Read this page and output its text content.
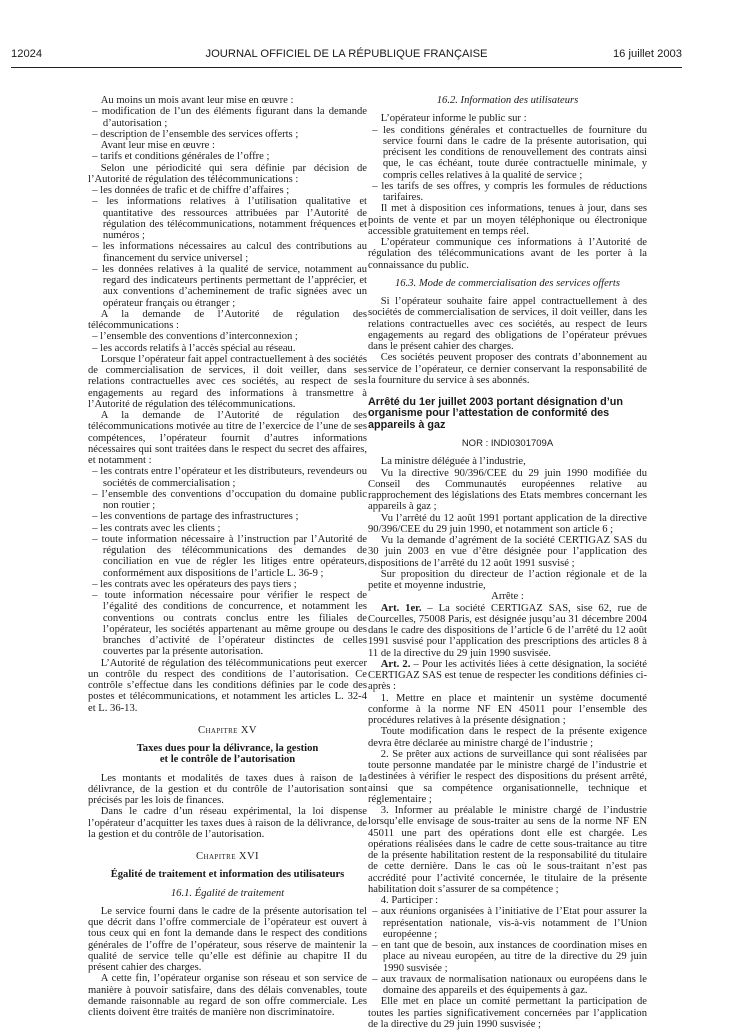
12024	JOURNAL OFFICIEL DE LA RÉPUBLIQUE FRANÇAISE	16 juillet 2003

Au moins un mois avant leur mise en œuvre :

– modification de l’un des éléments figurant dans la demande d’autorisation ;

– description de l’ensemble des services offerts ;

Avant leur mise en œuvre :

– tarifs et conditions générales de l’offre ;

Selon une périodicité qui sera définie par décision de l’Autorité de régulation des télécommunications :

– les données de trafic et de chiffre d’affaires ;

– les informations relatives à l’utilisation qualitative et quantitative des ressources attribuées par l’Autorité de régulation des télécommunications, notamment fréquences et numéros ;

– les informations nécessaires au calcul des contributions au financement du service universel ;

– les données relatives à la qualité de service, notamment au regard des indicateurs pertinents permettant de l’apprécier, et aux conventions d’acheminement de trafic signées avec un opérateur français ou étranger ;

A la demande de l’Autorité de régulation des télécommunications :

– l’ensemble des conventions d’interconnexion ;

– les accords relatifs à l’accès spécial au réseau.

Lorsque l’opérateur fait appel contractuellement à des sociétés de commercialisation de services, il doit veiller, dans ses relations contractuelles avec ces sociétés, au respect de ses engagements au regard des informations à transmettre à l’Autorité de régulation des télécommunications.

A la demande de l’Autorité de régulation des télécommunications motivée au titre de l’exercice de l’une de ses compétences, l’opérateur fournit d’autres informations nécessaires qui sont traitées dans le respect du secret des affaires, et notamment :

– les contrats entre l’opérateur et les distributeurs, revendeurs ou sociétés de commercialisation ;

– l’ensemble des conventions d’occupation du domaine public non routier ;

– les conventions de partage des infrastructures ;

– les contrats avec les clients ;

– toute information nécessaire à l’instruction par l’Autorité de régulation des télécommunications des demandes de conciliation en vue de régler les litiges entre opérateurs, conformément aux dispositions de l’article L. 36-9 ;

– les contrats avec les opérateurs des pays tiers ;

– toute information nécessaire pour vérifier le respect de l’égalité des conditions de concurrence, et notamment les conventions ou contrats conclus entre les filiales de l’opérateur, les sociétés appartenant au même groupe ou des branches d’activité de l’opérateur distinctes de celles couvertes par la présente autorisation.

L’Autorité de régulation des télécommunications peut exercer un contrôle du respect des conditions de l’autorisation. Ce contrôle s’effectue dans les conditions définies par le code des postes et télécommunications, et notamment les articles L. 32-4 et L. 36-13.

Chapitre XV

Taxes dues pour la délivrance, la gestion

et le contrôle de l’autorisation

Les montants et modalités de taxes dues à raison de la délivrance, de la gestion et du contrôle de l’autorisation sont précisés par les lois de finances.

Dans le cadre d’un réseau expérimental, la loi dispense l’opérateur d’acquitter les taxes dues à raison de la délivrance, de la gestion et du contrôle de l’autorisation.

Chapitre XVI

Égalité de traitement et information des utilisateurs

16.1. Égalité de traitement

Le service fourni dans le cadre de la présente autorisation tel que décrit dans l’offre commerciale de l’opérateur est ouvert à tous ceux qui en font la demande dans le respect des conditions générales de l’offre de l’opérateur, sous réserve de maintenir la qualité de service telle qu’elle est définie au chapitre II du présent cahier des charges.

A cette fin, l’opérateur organise son réseau et son service de manière à pouvoir satisfaire, dans des délais convenables, toute demande raisonnable au regard de son offre commerciale. Les clients doivent être traités de manière non discriminatoire.

16.2. Information des utilisateurs

L’opérateur informe le public sur :

– les conditions générales et contractuelles de fourniture du service fourni dans le cadre de la présente autorisation, qui précisent les conditions de renouvellement des contrats ainsi que, le cas échéant, toute durée contractuelle minimale, y compris celles relatives à la qualité de service ;

– les tarifs de ses offres, y compris les formules de réductions tarifaires.

Il met à disposition ces informations, tenues à jour, dans ses points de vente et par un moyen téléphonique ou électronique accessible gratuitement en temps réel.

L’opérateur communique ces informations à l’Autorité de régulation des télécommunications avant de les porter à la connaissance du public.

16.3. Mode de commercialisation des services offerts

Si l’opérateur souhaite faire appel contractuellement à des sociétés de commercialisation de services, il doit veiller, dans les relations contractuelles avec ces sociétés, au respect de leurs engagements au regard des obligations de l’opérateur prévues dans le présent cahier des charges.

Ces sociétés peuvent proposer des contrats d’abonnement au service de l’opérateur, ce dernier conservant la responsabilité de la fourniture du service à ses abonnés.

Arrêté du 1er juillet 2003 portant désignation d’un organisme pour l’attestation de conformité des appareils à gaz

NOR : INDI0301709A

La ministre déléguée à l’industrie,

Vu la directive 90/396/CEE du 29 juin 1990 modifiée du Conseil des Communautés européennes relative au rapprochement des législations des Etats membres concernant les appareils à gaz ;

Vu l’arrêté du 12 août 1991 portant application de la directive 90/396/CEE du 29 juin 1990, et notamment son article 6 ;

Vu la demande d’agrément de la société CERTIGAZ SAS du 30 juin 2003 en vue d’être désignée pour l’application des dispositions de l’arrêté du 12 août 1991 susvisé ;

Sur proposition du directeur de l’action régionale et de la petite et moyenne industrie,

Arrête :

Art. 1er. – La société CERTIGAZ SAS, sise 62, rue de Courcelles, 75008 Paris, est désignée jusqu’au 31 décembre 2004 dans le cadre des dispositions de l’article 6 de l’arrêté du 12 août 1991 susvisé pour l’application des prescriptions des articles 8 à 11 de la directive du 29 juin 1990 susvisée.

Art. 2. – Pour les activités liées à cette désignation, la société CERTIGAZ SAS est tenue de respecter les conditions définies ci-après :

1. Mettre en place et maintenir un système documenté conforme à la norme NF EN 45011 pour l’ensemble des procédures relatives à la présente désignation ;

Toute modification dans le respect de la présente exigence devra être déclarée au ministre chargé de l’industrie ;

2. Se prêter aux actions de surveillance qui sont réalisées par toute personne mandatée par le ministre chargé de l’industrie et destinées à vérifier le respect des dispositions du présent arrêté, ainsi que sa compétence organisationnelle, technique et réglementaire ;

3. Informer au préalable le ministre chargé de l’industrie lorsqu’elle envisage de sous-traiter au sens de la norme NF EN 45011 une part des opérations dont elle est chargée. Les opérations réalisées dans le cadre de cette sous-traitance au titre de la présente habilitation restent de la responsabilité du titulaire de cette dernière. Dans le cas où le sous-traitant n’est pas accrédité pour l’activité concernée, le titulaire de la présente habilitation doit s’assurer de sa compétence ;

4. Participer :

– aux réunions organisées à l’initiative de l’Etat pour assurer la représentation nationale, vis-à-vis notamment de l’Union européenne ;

– en tant que de besoin, aux instances de coordination mises en place au niveau européen, au titre de la directive du 29 juin 1990 susvisée ;

– aux travaux de normalisation nationaux ou européens dans le domaine des appareils et des équipements à gaz.

Elle met en place un comité permettant la participation de toutes les parties significativement concernées par l’application de la directive du 29 juin 1990 susvisée ;
